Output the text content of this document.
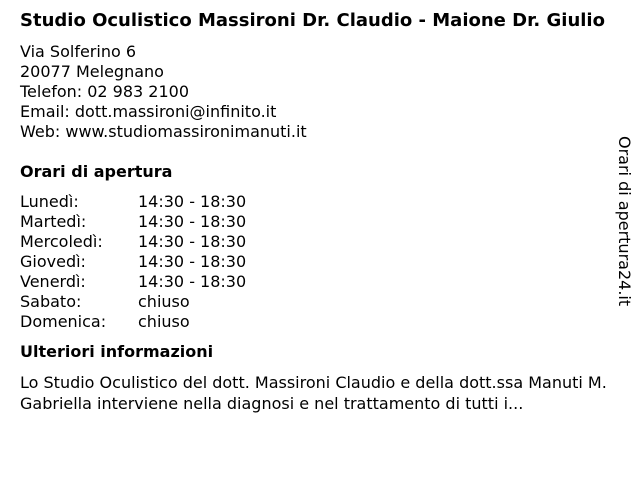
Studio Oculistico Massironi Dr. Claudio - Maione Dr. Giulio
Via Solferino 6
20077 Melegnano
Telefon: 02 983 2100
Email: dott.massironi@infinito.it
Web: www.studiomassironimanuti.it
Orari di apertura
Lunedì:	14:30 - 18:30
Martedì:	14:30 - 18:30
Mercoledì:	14:30 - 18:30
Giovedì:	14:30 - 18:30
Venerdì:	14:30 - 18:30
Sabato:	chiuso
Domenica:	chiuso
Ulteriori informazioni
Lo Studio Oculistico del dott. Massironi Claudio e della dott.ssa Manuti M. Gabriella interviene nella diagnosi e nel trattamento di tutti i...
Orari di apertura24.it
